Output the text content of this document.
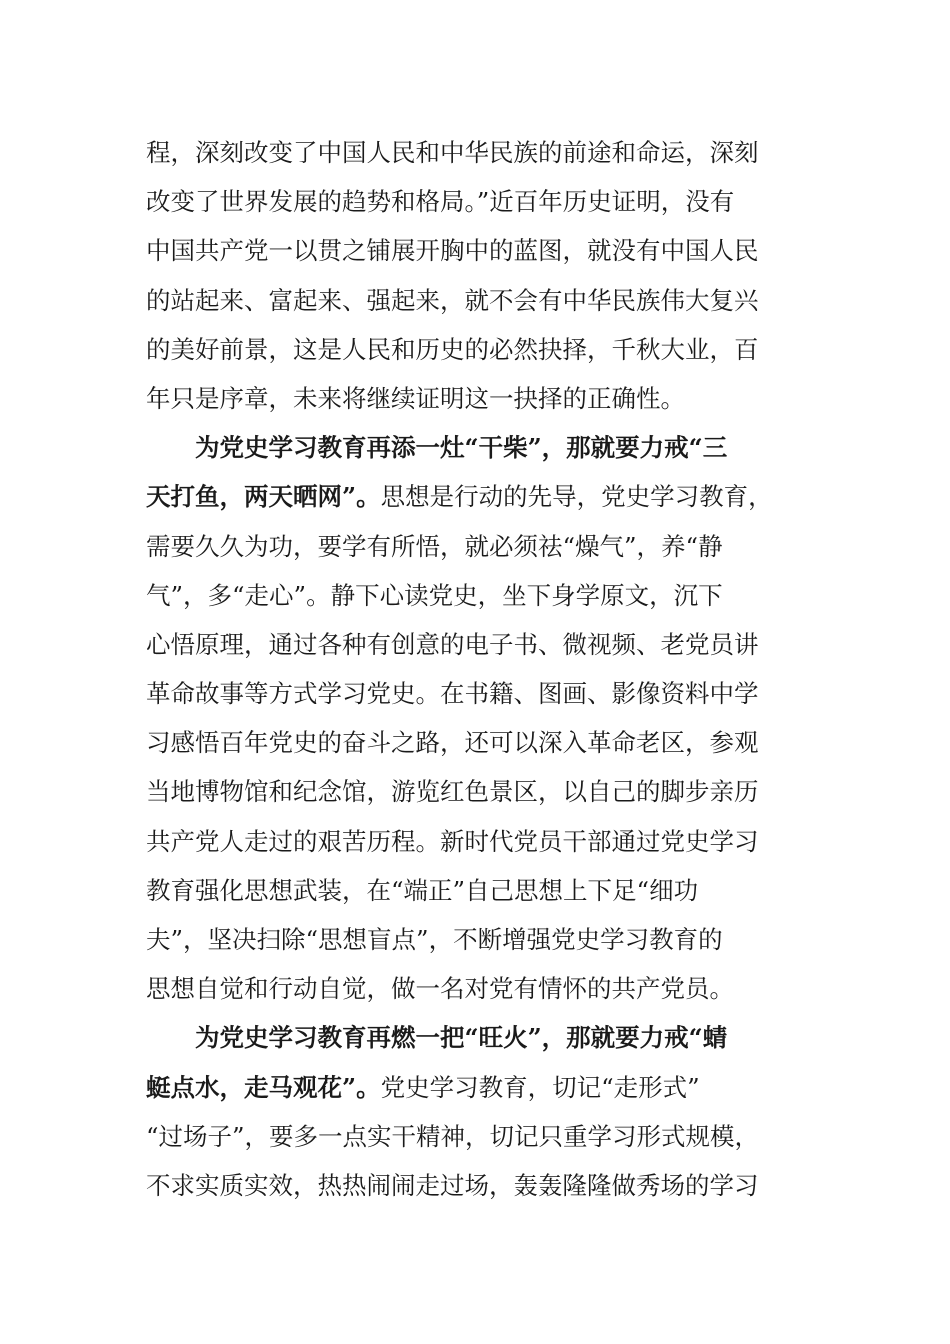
程，深刻改变了中国人民和中华民族的前途和命运，深刻
改变了世界发展的趋势和格局。”近百年历史证明，没有
中国共产党一以贯之铺展开胸中的蓝图，就没有中国人民
的站起来、富起来、强起来，就不会有中华民族伟大复兴
的美好前景，这是人民和历史的必然抉择，千秋大业，百
年只是序章，未来将继续证明这一抉择的正确性。
为党史学习教育再添一灶“干柴”，那就要力戒“三
天打鱼，两天晒网”。思想是行动的先导，党史学习教育，
需要久久为功，要学有所悟，就必须祛“燥气”，养“静
气”，多“走心”。静下心读党史，坐下身学原文，沉下
心悟原理，通过各种有创意的电子书、微视频、老党员讲
革命故事等方式学习党史。在书籍、图画、影像资料中学
习感悟百年党史的奋斗之路，还可以深入革命老区，参观
当地博物馆和纪念馆，游览红色景区，以自己的脚步亲历
共产党人走过的艰苦历程。新时代党员干部通过党史学习
教育强化思想武装，在“端正”自己思想上下足“细功
夫”，坚决扫除“思想盲点”，不断增强党史学习教育的
思想自觉和行动自觉，做一名对党有情怀的共产党员。
为党史学习教育再燃一把“旺火”，那就要力戒“蜻
蜓点水，走马观花”。党史学习教育，切记“走形式”
“过场子”，要多一点实干精神，切记只重学习形式规模，
不求实质实效，热热闹闹走过场，轰轰隆隆做秀场的学习
